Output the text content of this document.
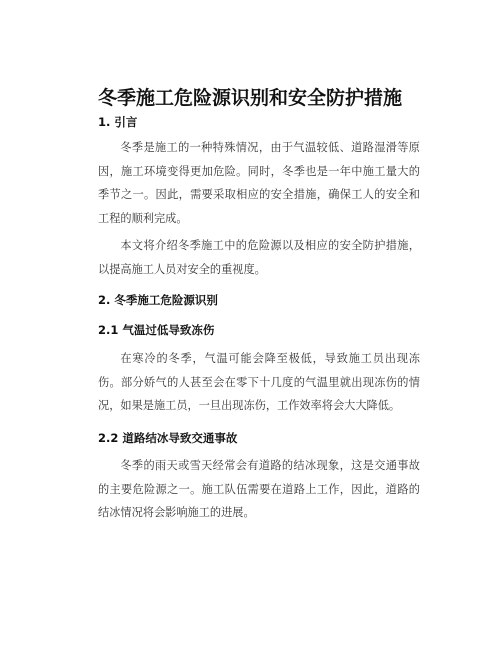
冬季施工危险源识别和安全防护措施
1. 引言

冬季是施工的一种特殊情况，由于气温较低、道路湿滑等原因，施工环境变得更加危险。同时，冬季也是一年中施工量大的季节之一。因此，需要采取相应的安全措施，确保工人的安全和工程的顺利完成。

本文将介绍冬季施工中的危险源以及相应的安全防护措施，以提高施工人员对安全的重视度。

2. 冬季施工危险源识别
2.1 气温过低导致冻伤

在寒冷的冬季，气温可能会降至极低，导致施工员出现冻伤。部分娇气的人甚至会在零下十几度的气温里就出现冻伤的情况，如果是施工员，一旦出现冻伤，工作效率将会大大降低。

2.2 道路结冰导致交通事故

冬季的雨天或雪天经常会有道路的结冰现象，这是交通事故的主要危险源之一。施工队伍需要在道路上工作，因此，道路的结冰情况将会影响施工的进展。
